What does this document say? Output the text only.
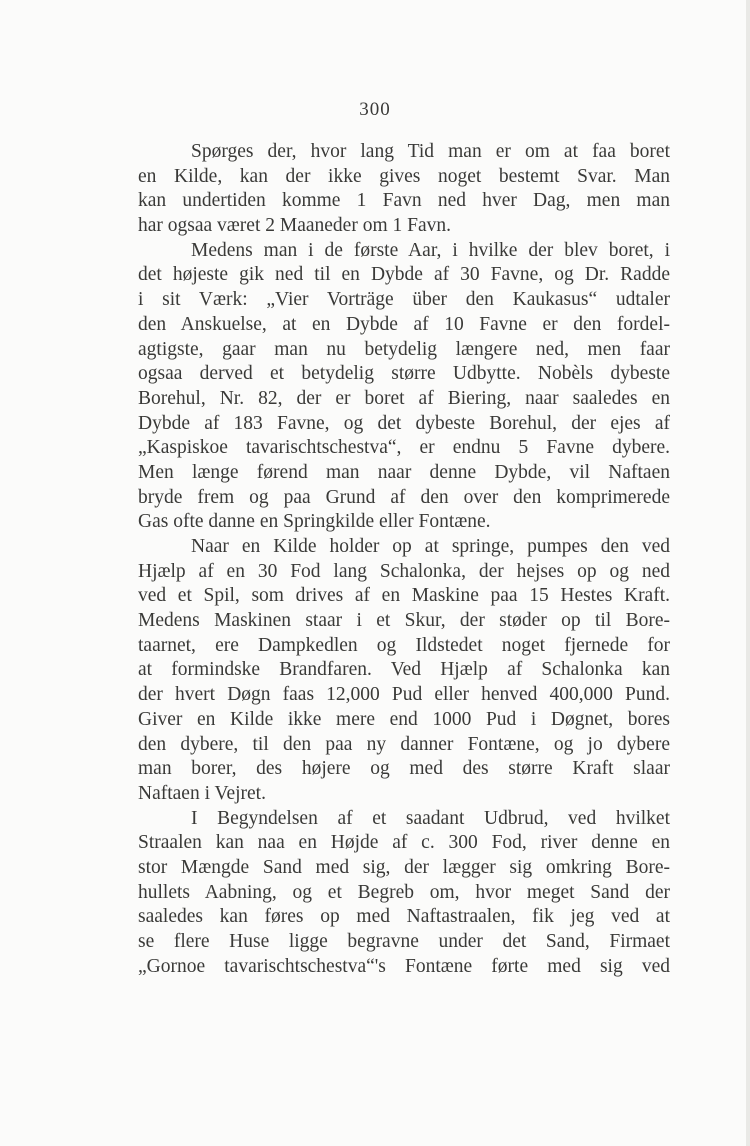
300
Spørges der, hvor lang Tid man er om at faa boret
en Kilde, kan der ikke gives noget bestemt Svar. Man
kan undertiden komme 1 Favn ned hver Dag, men man
har ogsaa været 2 Maaneder om 1 Favn.
Medens man i de første Aar, i hvilke der blev boret, i
det højeste gik ned til en Dybde af 30 Favne, og Dr. Radde
i sit Værk: „Vier Vorträge über den Kaukasus“ udtaler
den Anskuelse, at en Dybde af 10 Favne er den fordel-
agtigste, gaar man nu betydelig længere ned, men faar
ogsaa derved et betydelig større Udbytte. Nobèls dybeste
Borehul, Nr. 82, der er boret af Biering, naar saaledes en
Dybde af 183 Favne, og det dybeste Borehul, der ejes af
„Kaspiskoe tavarischtschestva“, er endnu 5 Favne dybere.
Men længe førend man naar denne Dybde, vil Naftaen
bryde frem og paa Grund af den over den komprimerede
Gas ofte danne en Springkilde eller Fontæne.
Naar en Kilde holder op at springe, pumpes den ved
Hjælp af en 30 Fod lang Schalonka, der hejses op og ned
ved et Spil, som drives af en Maskine paa 15 Hestes Kraft.
Medens Maskinen staar i et Skur, der støder op til Bore-
taarnet, ere Dampkedlen og Ildstedet noget fjernede for
at formindske Brandfaren. Ved Hjælp af Schalonka kan
der hvert Døgn faas 12,000 Pud eller henved 400,000 Pund.
Giver en Kilde ikke mere end 1000 Pud i Døgnet, bores
den dybere, til den paa ny danner Fontæne, og jo dybere
man borer, des højere og med des større Kraft slaar
Naftaen i Vejret.
I Begyndelsen af et saadant Udbrud, ved hvilket
Straalen kan naa en Højde af c. 300 Fod, river denne en
stor Mængde Sand med sig, der lægger sig omkring Bore-
hullets Aabning, og et Begreb om, hvor meget Sand der
saaledes kan føres op med Naftastraalen, fik jeg ved at
se flere Huse ligge begravne under det Sand, Firmaet
„Gornoe tavarischtschestva“'s Fontæne førte med sig ved
